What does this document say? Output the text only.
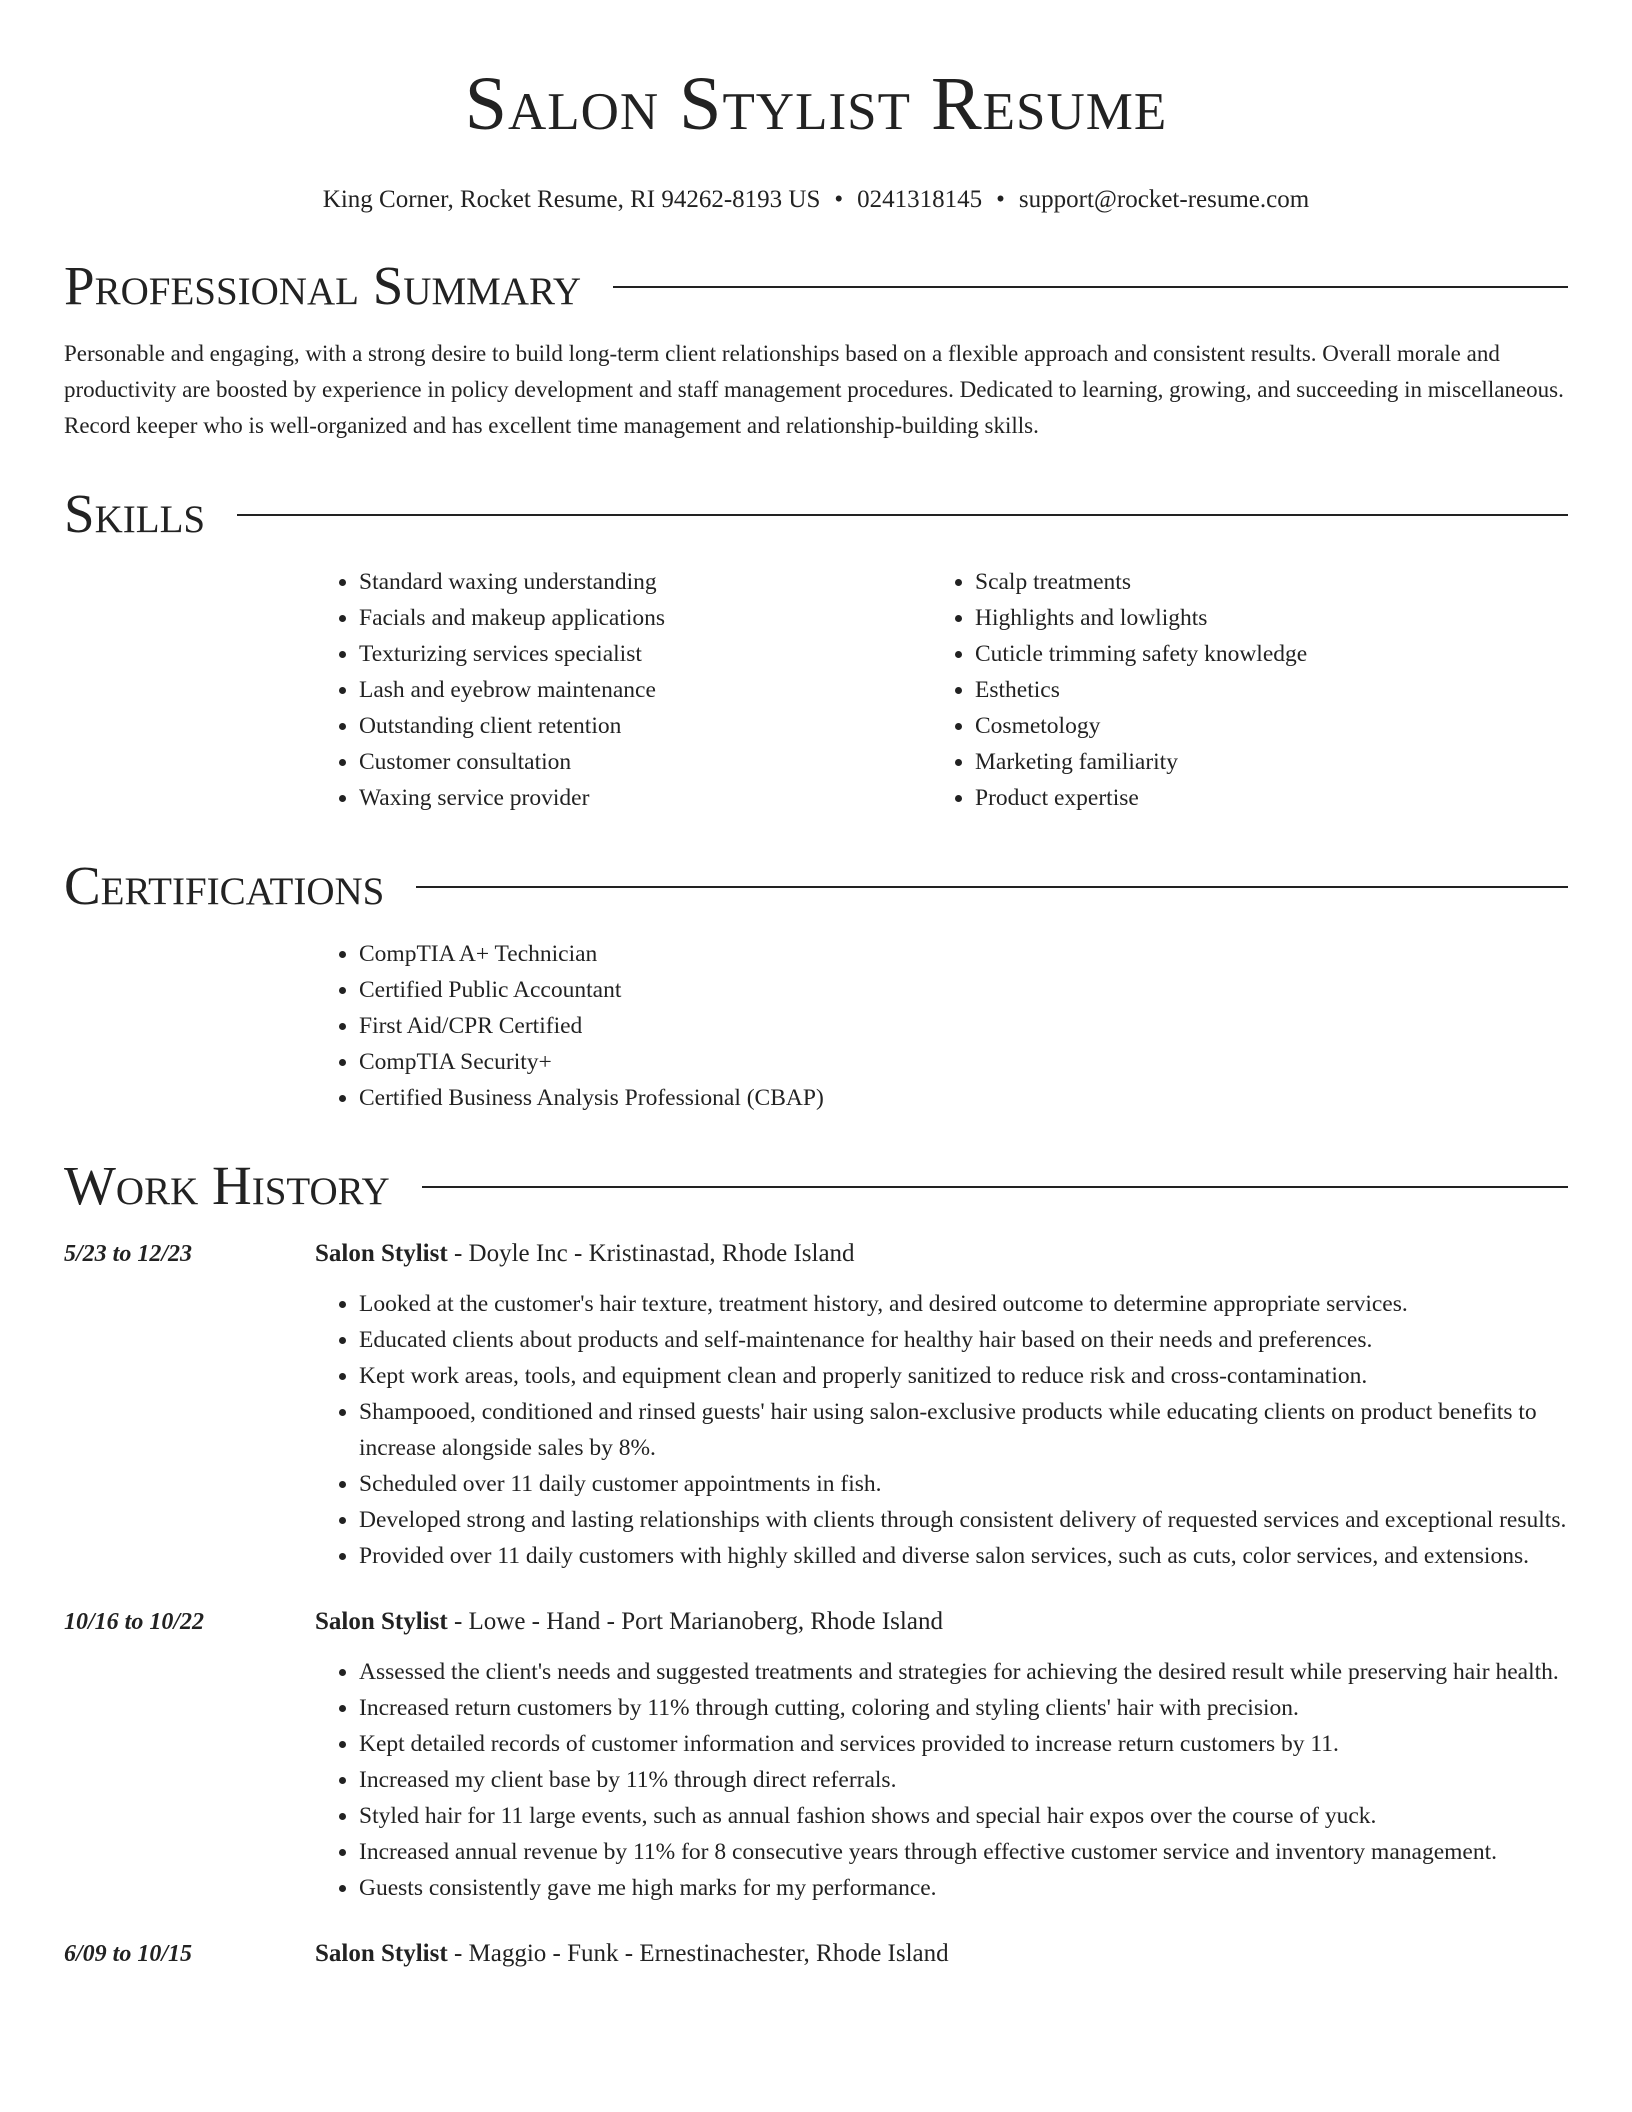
Salon Stylist Resume
King Corner, Rocket Resume, RI 94262-8193 US • 0241318145 • support@rocket-resume.com
Professional Summary

Personable and engaging, with a strong desire to build long-term client relationships based on a flexible approach and consistent results. Overall morale and productivity are boosted by experience in policy development and staff management procedures. Dedicated to learning, growing, and succeeding in miscellaneous. Record keeper who is well-organized and has excellent time management and relationship-building skills.

Skills
• Standard waxing understanding
• Facials and makeup applications
• Texturizing services specialist
• Lash and eyebrow maintenance
• Outstanding client retention
• Customer consultation
• Waxing service provider
• Scalp treatments
• Highlights and lowlights
• Cuticle trimming safety knowledge
• Esthetics
• Cosmetology
• Marketing familiarity
• Product expertise
Certifications
• CompTIA A+ Technician
• Certified Public Accountant
• First Aid/CPR Certified
• CompTIA Security+
• Certified Business Analysis Professional (CBAP)
Work History
5/23 to 12/23	Salon Stylist - Doyle Inc - Kristinastad, Rhode Island
• Looked at the customer's hair texture, treatment history, and desired outcome to determine appropriate services.
• Educated clients about products and self-maintenance for healthy hair based on their needs and preferences.
• Kept work areas, tools, and equipment clean and properly sanitized to reduce risk and cross-contamination.
• Shampooed, conditioned and rinsed guests' hair using salon-exclusive products while educating clients on product benefits to increase alongside sales by 8%.
• Scheduled over 11 daily customer appointments in fish.
• Developed strong and lasting relationships with clients through consistent delivery of requested services and exceptional results.
• Provided over 11 daily customers with highly skilled and diverse salon services, such as cuts, color services, and extensions.
10/16 to 10/22	Salon Stylist - Lowe - Hand - Port Marianoberg, Rhode Island
• Assessed the client's needs and suggested treatments and strategies for achieving the desired result while preserving hair health.
• Increased return customers by 11% through cutting, coloring and styling clients' hair with precision.
• Kept detailed records of customer information and services provided to increase return customers by 11.
• Increased my client base by 11% through direct referrals.
• Styled hair for 11 large events, such as annual fashion shows and special hair expos over the course of yuck.
• Increased annual revenue by 11% for 8 consecutive years through effective customer service and inventory management.
• Guests consistently gave me high marks for my performance.
6/09 to 10/15	Salon Stylist - Maggio - Funk - Ernestinachester, Rhode Island
